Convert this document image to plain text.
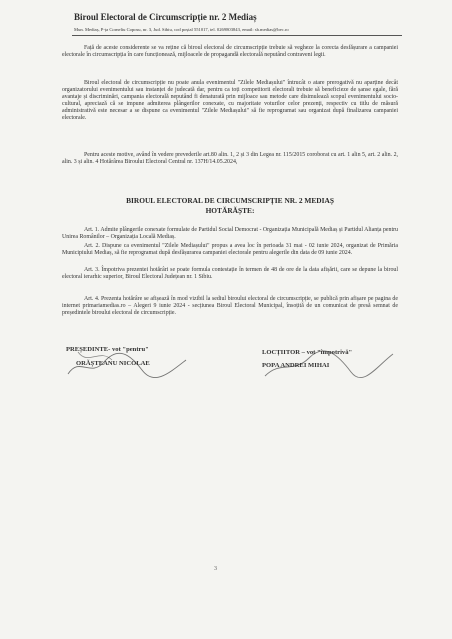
Biroul Electoral de Circumscripție nr. 2 Mediaș
Mun. Mediaș, P-ța Corneliu Coposu, nr. 3, Jud. Sibiu, cod poștal 551017, tel. 0269803843, email: sb.medias@bec.ro
Față de aceste considerente se va reține că biroul electoral de circumscripție trebuie să vegheze la corecta desfășurare a campaniei electorale în circumscripția în care funcționează, mijloacele de propagandă electorală neputând contraveni legii.
Biroul electoral de circumscripție nu poate anula evenimentul "Zilele Mediașului" întrucât o atare prerogativă nu aparține decât organizatorului evenimentului sau instanței de judecată dar, pentru ca toți competitorii electorali trebuie să beneficieze de șanse egale, fără avantaje și discriminări, campania electorală neputând fi denaturată prin mijloace sau metode care disimulează scopul evenimentului socio-cultural, apreciază că se impune admiterea plângerilor conexate, cu majoritate voturilor celor prezenți, respectiv cu titlu de măsură administrativă este necesar a se dispune ca evenimentul "Zilele Mediașului" să fie reprogramat sau organizat după finalizarea campaniei electorale.
Pentru aceste motive, având în vedere prevederile art.80 alin. 1, 2 și 3 din Legea nr. 115/2015 coroborat cu art. 1 alin 5, art. 2 alin. 2, alin. 3 și alin. 4 Hotărârea Biroului Electoral Central nr. 137H/14.05.2024,
BIROUL ELECTORAL DE CIRCUMSCRIPȚIE NR. 2 MEDIAȘ
HOTĂRĂȘTE:
Art. 1. Admite plângerile conexate formulate de Partidul Social Democrat - Organizația Municipală Mediaș și Partidul Alianța pentru Unirea Românilor – Organizația Locală Mediaș.
Art. 2. Dispune ca evenimentul "Zilele Mediașului" propus a avea loc în perioada 31 mai - 02 iunie 2024, organizat de Primăria Municipiului Mediaș, să fie reprogramat după desfășurarea campaniei electorale pentru alegerile din data de 09 iunie 2024.
Art. 3. Împotriva prezentei hotărâri se poate formula contestație în termen de 48 de ore de la data afișării, care se depune la biroul electoral ierarhic superior, Biroul Electoral Județean nr. 1 Sibiu.
Art. 4. Prezenta hotărâre se afișează în mod vizibil la sediul biroului electoral de circumscripție, se publică prin afișare pe pagina de internet primariamedias.ro – Alegeri 9 iunie 2024 - secțiunea Biroul Electoral Municipal, însoțită de un comunicat de presă semnat de președintele biroului electoral de circumscripție.
PREȘEDINTE- vot "pentru"
ORĂȘTEANU NICOLAE
LOCȚIITOR – vot "împotrivă"
POPA ANDREI MIHAI
3
